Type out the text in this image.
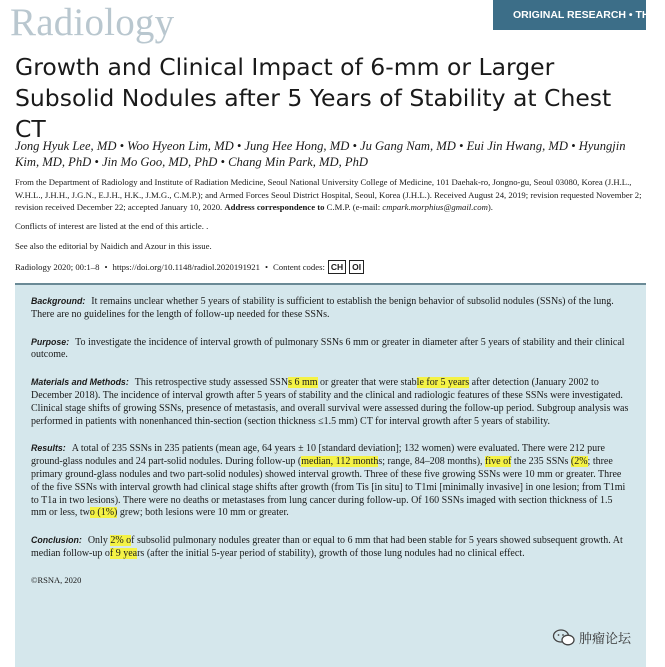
Radiology	ORIGINAL RESEARCH • THOR
Growth and Clinical Impact of 6-mm or Larger Subsolid Nodules after 5 Years of Stability at Chest CT
Jong Hyuk Lee, MD • Woo Hyeon Lim, MD • Jung Hee Hong, MD • Ju Gang Nam, MD • Eui Jin Hwang, MD • Hyungjin Kim, MD, PhD • Jin Mo Goo, MD, PhD • Chang Min Park, MD, PhD
From the Department of Radiology and Institute of Radiation Medicine, Seoul National University College of Medicine, 101 Daehak-ro, Jongno-gu, Seoul 03080, Korea (J.H.L., W.H.L., J.H.H., J.G.N., E.J.H., H.K., J.M.G., C.M.P.); and Armed Forces Seoul District Hospital, Seoul, Korea (J.H.L.). Received August 24, 2019; revision requested November 2; revision received December 22; accepted January 10, 2020. Address correspondence to C.M.P. (e-mail: cmpark.morphius@gmail.com).
Conflicts of interest are listed at the end of this article. .
See also the editorial by Naidich and Azour in this issue.
Radiology 2020; 00:1–8 • https://doi.org/10.1148/radiol.2020191921 • Content codes: CH	OI

Background: It remains unclear whether 5 years of stability is sufficient to establish the benign behavior of subsolid nodules (SSNs) of the lung. There are no guidelines for the length of follow-up needed for these SSNs.

Purpose: To investigate the incidence of interval growth of pulmonary SSNs 6 mm or greater in diameter after 5 years of stability and their clinical outcome.

Materials and Methods: This retrospective study assessed SSNs 6 mm or greater that were stable for 5 years after detection (January 2002 to December 2018). The incidence of interval growth after 5 years of stability and the clinical and radiologic features of these SSNs were investigated. Clinical stage shifts of growing SSNs, presence of metastasis, and overall survival were assessed during the follow-up period. Subgroup analysis was performed in patients with nonenhanced thin-section (section thickness ≤1.5 mm) CT for interval growth after 5 years of stability.

Results: A total of 235 SSNs in 235 patients (mean age, 64 years ± 10 [standard deviation]; 132 women) were evaluated. There were 212 pure ground-glass nodules and 24 part-solid nodules. During follow-up (median, 112 months; range, 84–208 months), five of the 235 SSNs (2%; three primary ground-glass nodules and two part-solid nodules) showed interval growth. Three of these five growing SSNs were 10 mm or greater. Three of the five SSNs with interval growth had clinical stage shifts after growth (from Tis [in situ] to T1mi [minimally invasive] in one lesion; from T1mi to T1a in two lesions). There were no deaths or metastases from lung cancer during follow-up. Of 160 SSNs imaged with section thickness of 1.5 mm or less, two (1%) grew; both lesions were 10 mm or greater.

Conclusion: Only 2% of subsolid pulmonary nodules greater than or equal to 6 mm that had been stable for 5 years showed subsequent growth. At median follow-up of 9 years (after the initial 5-year period of stability), growth of those lung nodules had no clinical effect.

©RSNA, 2020
肿瘤论坛
